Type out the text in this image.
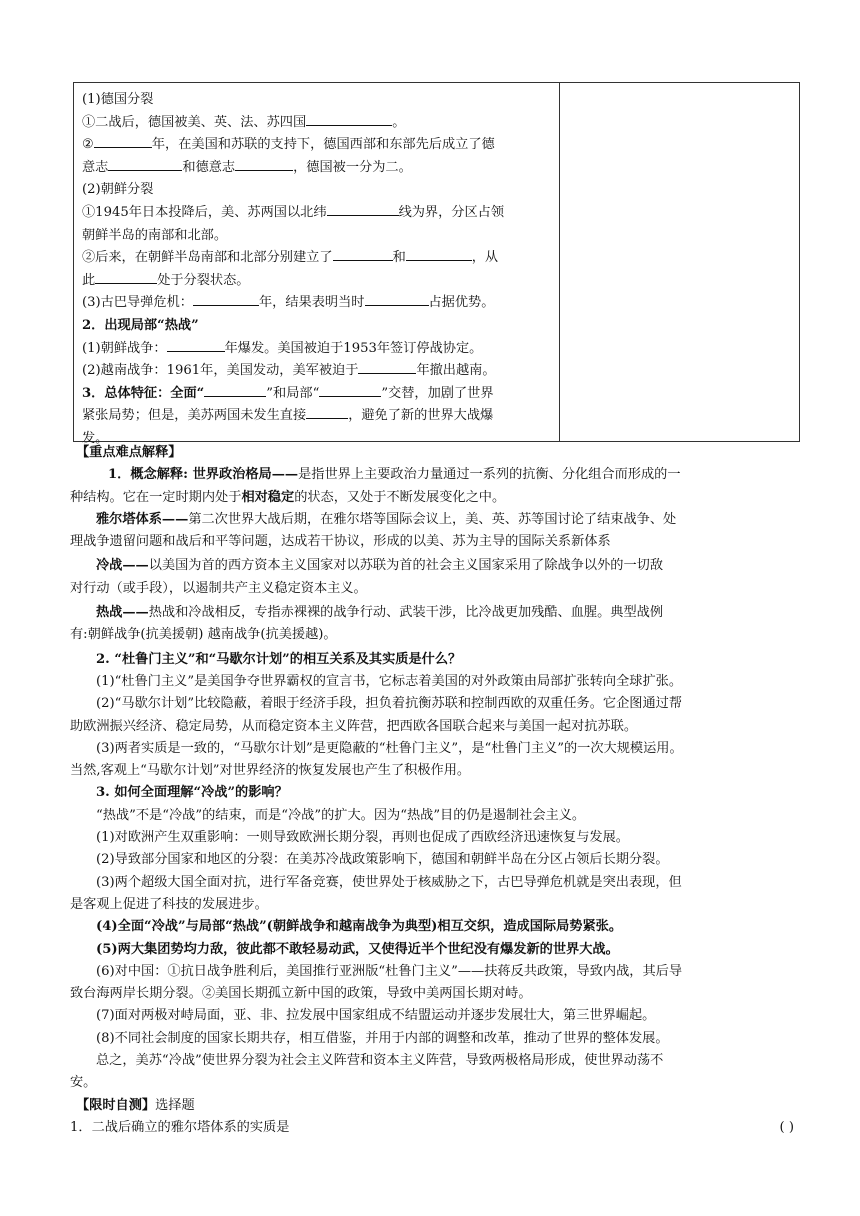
(1)德国分裂
①二战后，德国被美、英、法、苏四国	。
②	年，在美国和苏联的支持下，德国西部和东部先后成立了德
意志	和德意志	，德国被一分为二。
(2)朝鲜分裂
①1945年日本投降后，美、苏两国以北纬	线为界，分区占领
朝鲜半岛的南部和北部。
②后来，在朝鲜半岛南部和北部分别建立了	和	，从
此	处于分裂状态。
(3)古巴导弹危机：	年，结果表明当时	占据优势。
2．出现局部“热战”
(1)朝鲜战争：	年爆发。美国被迫于1953年签订停战协定。
(2)越南战争：1961年，美国发动，美军被迫于	年撤出越南。
3．总体特征：全面“	”和局部“	”交替，加剧了世界
紧张局势；但是，美苏两国未发生直接	，避免了新的世界大战爆
发。
【重点难点解释】
1．概念解释: 世界政治格局——是指世界上主要政治力量通过一系列的抗衡、分化组合而形成的一
种结构。它在一定时期内处于相对稳定的状态，又处于不断发展变化之中。
雅尔塔体系——第二次世界大战后期，在雅尔塔等国际会议上，美、英、苏等国讨论了结束战争、处
理战争遗留问题和战后和平等问题，达成若干协议，形成的以美、苏为主导的国际关系新体系
冷战——以美国为首的西方资本主义国家对以苏联为首的社会主义国家采用了除战争以外的一切敌
对行动（或手段），以遏制共产主义稳定资本主义。
热战——热战和冷战相反，专指赤裸裸的战争行动、武装干涉，比冷战更加残酷、血腥。典型战例
有:朝鲜战争(抗美援朝) 越南战争(抗美援越)。
2. “杜鲁门主义”和“马歇尔计划”的相互关系及其实质是什么？
(1)“杜鲁门主义”是美国争夺世界霸权的宣言书，它标志着美国的对外政策由局部扩张转向全球扩张。
(2)“马歇尔计划”比较隐蔽，着眼于经济手段，担负着抗衡苏联和控制西欧的双重任务。它企图通过帮
助欧洲振兴经济、稳定局势，从而稳定资本主义阵营，把西欧各国联合起来与美国一起对抗苏联。
(3)两者实质是一致的，“马歇尔计划”是更隐蔽的“杜鲁门主义”，是“杜鲁门主义”的一次大规模运用。
当然,客观上“马歇尔计划”对世界经济的恢复发展也产生了积极作用。
3. 如何全面理解“冷战”的影响？
“热战”不是“冷战”的结束，而是“冷战”的扩大。因为“热战”目的仍是遏制社会主义。
(1)对欧洲产生双重影响：一则导致欧洲长期分裂，再则也促成了西欧经济迅速恢复与发展。
(2)导致部分国家和地区的分裂：在美苏冷战政策影响下，德国和朝鲜半岛在分区占领后长期分裂。
(3)两个超级大国全面对抗，进行军备竞赛，使世界处于核威胁之下，古巴导弹危机就是突出表现，但
是客观上促进了科技的发展进步。
(4)全面“冷战”与局部“热战”(朝鲜战争和越南战争为典型)相互交织，造成国际局势紧张。
(5)两大集团势均力敌，彼此都不敢轻易动武，又使得近半个世纪没有爆发新的世界大战。
(6)对中国：①抗日战争胜利后，美国推行亚洲版“杜鲁门主义”——扶蒋反共政策，导致内战，其后导
致台海两岸长期分裂。②美国长期孤立新中国的政策，导致中美两国长期对峙。
(7)面对两极对峙局面，亚、非、拉发展中国家组成不结盟运动并逐步发展壮大，第三世界崛起。
(8)不同社会制度的国家长期共存，相互借鉴，并用于内部的调整和改革，推动了世界的整体发展。
总之，美苏“冷战”使世界分裂为社会主义阵营和资本主义阵营，导致两极格局形成，使世界动荡不
安。
【限时自测】选择题
1．二战后确立的雅尔塔体系的实质是	( )
